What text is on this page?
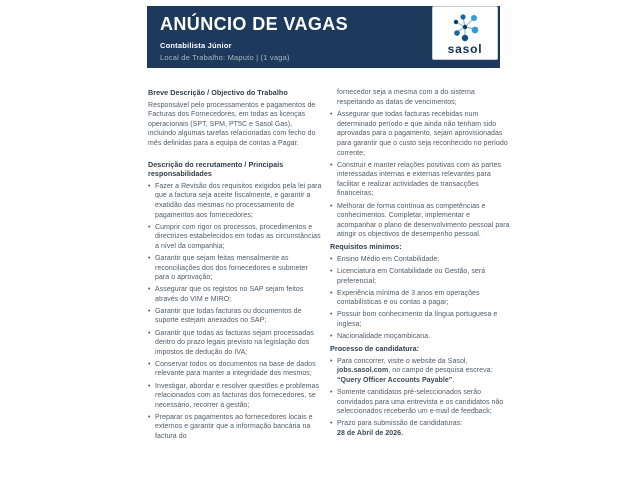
ANÚNCIO DE VAGAS
Contabilista Júnior
Local de Trabalho: Maputo | (1 vaga)
sasol
Breve Descrição / Objectivo do Trabalho

Responsável pelo processamentos e pagamentos de Facturas dos Fornecedores, em todas as licenças operacionais (SPT, SPM, PT5C e Sasol Gas), incluindo algumas tarefas relacionadas com fecho do mês definidas para a equipa de contas a Pagar.

Descrição do recrutamento / Principais responsabilidades
• Fazer a Revisão dos requisitos exigidos pela lei para que a factura seja aceite fiscalmente, e garantir a exatidão das mesmas no processamento de pagamentos aos fornecedores;
• Cumprir com rigor os processos, procedimentos e directrizes estabelecidos em todas as circunstâncias a nível da companhia;
• Garantir que sejam feitas mensalmente as reconciliações dos dos fornecedores e submeter para o aprovação;
• Assegurar que os registos no SAP sejam feitos através do VIM e MIRO;
• Garantir que todas facturas ou documentos de suporte estejam anexados no SAP;
• Garantir que todas as facturas sejam processadas dentro do prazo legais previsto na legislação dos impostos de dedução do IVA;
• Conservar todos os documentos na base de dados relevante para manter a integridade dos mesmos;
• Investigar, abordar e resolver questões e problemas relacionados com as facturas dos fornecedores, se necessário, recorrer à gestão;
• Preparar os pagamentos ao fornecedores locais e externos e garantir que a informação bancária na factura do

fornecedor seja a mesma com a do sistema respeitando as datas de vencimentos;

• Assegurar que todas facturas recebidas num determinado período e que ainda não tenham sido aprovadas para o pagamento, sejam aprovisionadas para garantir que o custo seja reconhecido no período corrente;
• Construir e manter relações positivas com as partes interessadas internas e externas relevantes para facilitar e realizar actividades de transacções financeiras;
• Melhorar de forma contínua as competências e conhecimentos. Completar, implementar e acompanhar o plano de desenvolvimento pessoal para atingir os objectivos de desempenho pessoal.
Requisitos mínimos:
• Ensino Médio em Contabilidade;
• Licenciatura em Contabilidade ou Gestão, será preferencial;
• Experiência mínima de 3 anos em operações contabilísticas e ou contas a pagar;
• Possuir bom conhecimento da língua portuguesa e inglesa;
• Nacionalidade moçambicana.
Processo de candidatura:
• Para concorrer, visite o website da Sasol, jobs.sasol.com, no campo de pesquisa escreva: “Query Officer Accounts Payable”.
• Somente candidatos pré-seleccionados serão convidados para uma entrevista e os candidatos não seleccionados receberão um e-mail de feedback;
• Prazo para submissão de candidaturas:
28 de Abril de 2026.
